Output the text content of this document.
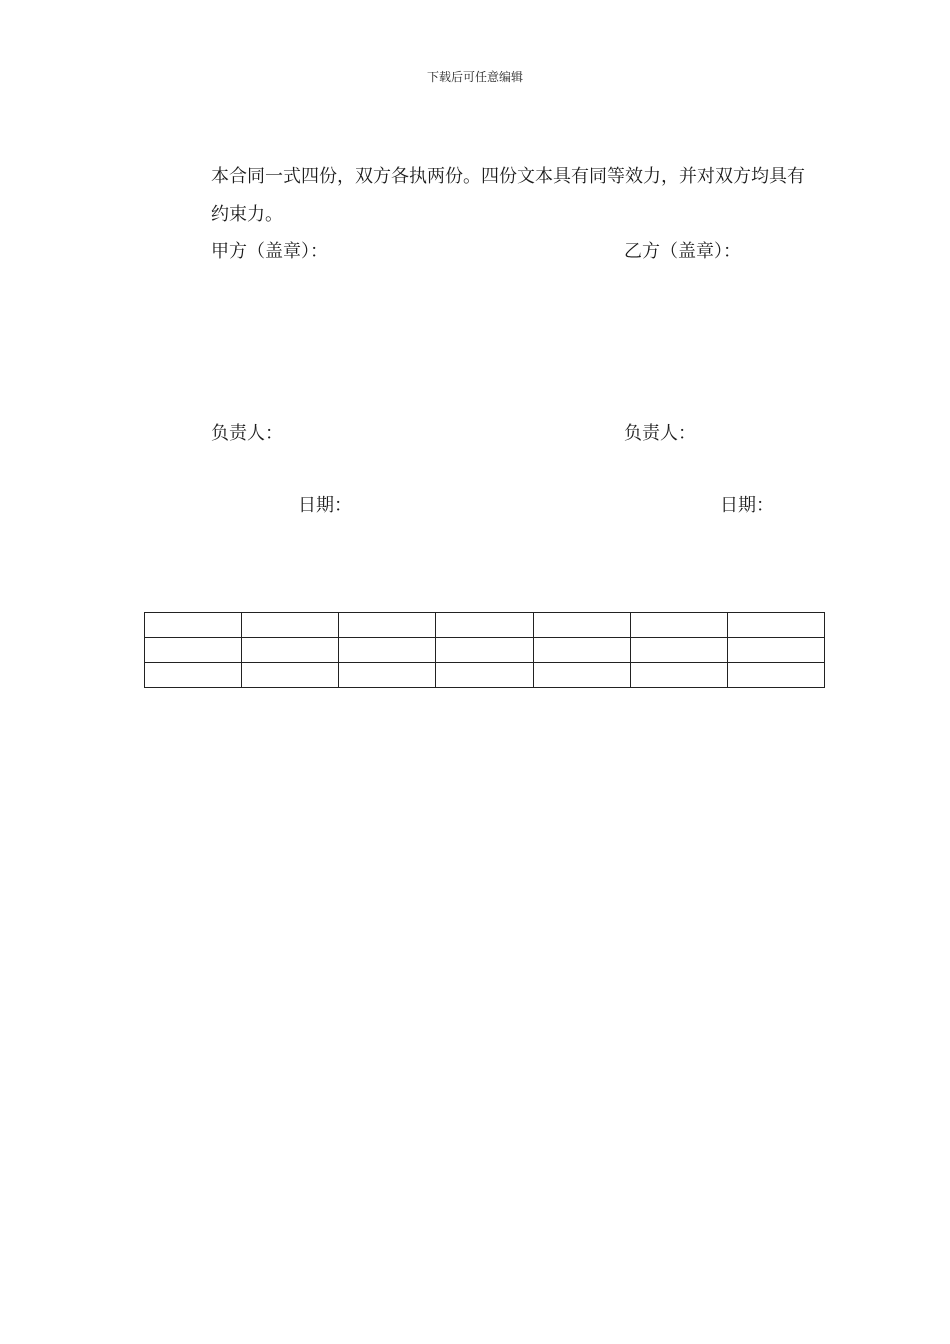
下载后可任意编辑
本合同一式四份，双方各执两份。四份文本具有同等效力，并对双方均具有约束力。
甲方（盖章）：	乙方（盖章）：
负责人：	负责人：
日期：	日期：
